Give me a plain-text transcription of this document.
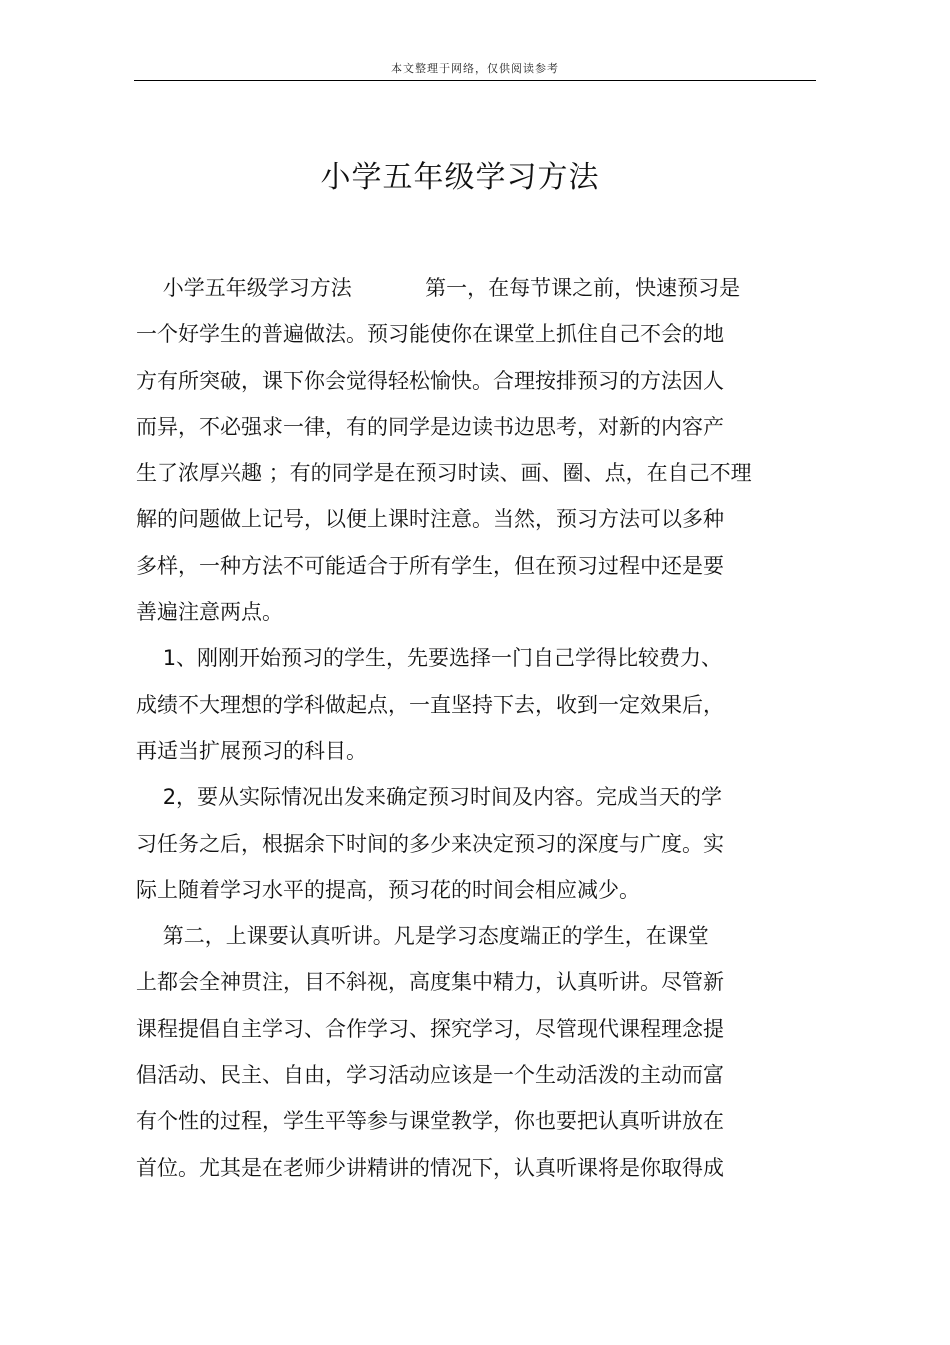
本文整理于网络，仅供阅读参考
小学五年级学习方法
小学五年级学习方法           第一，在每节课之前，快速预习是
一个好学生的普遍做法。预习能使你在课堂上抓住自己不会的地
方有所突破，课下你会觉得轻松愉快。合理按排预习的方法因人
而异，不必强求一律，有的同学是边读书边思考，对新的内容产
生了浓厚兴趣 ；有的同学是在预习时读、画、圈、点，在自己不理
解的问题做上记号，以便上课时注意。当然，预习方法可以多种
多样，一种方法不可能适合于所有学生，但在预习过程中还是要
善遍注意两点。
1、刚刚开始预习的学生，先要选择一门自己学得比较费力、
成绩不大理想的学科做起点，一直坚持下去，收到一定效果后，
再适当扩展预习的科目。
2，要从实际情况出发来确定预习时间及内容。完成当天的学
习任务之后，根据余下时间的多少来决定预习的深度与广度。实
际上随着学习水平的提高，预习花的时间会相应减少。
第二，上课要认真听讲。凡是学习态度端正的学生，在课堂
上都会全神贯注，目不斜视，高度集中精力，认真听讲。尽管新
课程提倡自主学习、合作学习、探究学习，尽管现代课程理念提
倡活动、民主、自由，学习活动应该是一个生动活泼的主动而富
有个性的过程，学生平等参与课堂教学，你也要把认真听讲放在
首位。尤其是在老师少讲精讲的情况下，认真听课将是你取得成
